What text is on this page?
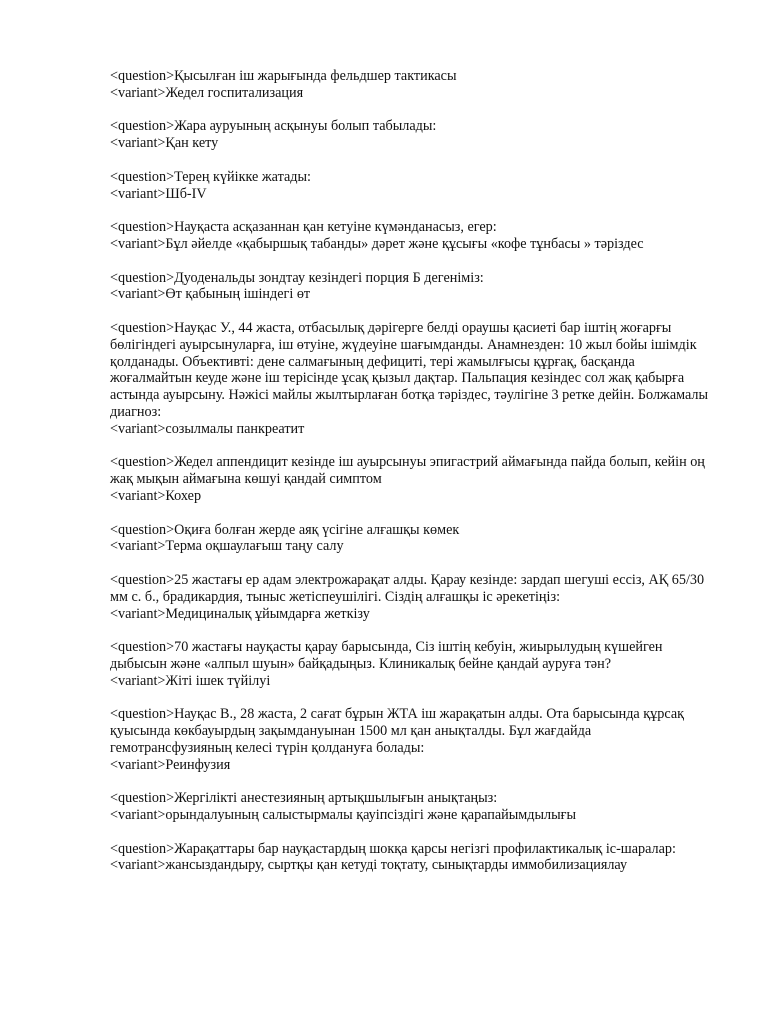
<question>Қысылған іш жарығында фельдшер тактикасы
<variant>Жедел госпитализация
<question>Жара ауруының асқынуы болып табылады:
<variant>Қан кету
<question>Терең күйікке жатады:
<variant>Шб-IV
<question>Науқаста асқазаннан қан кетуіне күмәнданасыз, егер:
<variant>Бұл әйелде «қабыршық табанды» дәрет және құсығы «кофе тұнбасы » тәріздес
<question>Дуоденальды зондтау кезіндегі порция Б дегеніміз:
<variant>Өт қабының ішіндегі өт
<question>Науқас У., 44 жаста, отбасылық дәрігерге белді ораушы қасиеті бар іштің жоғарғы бөлігіндегі ауырсынуларға, іш өтуіне, жүдеуіне шағымданды. Анамнезден: 10 жыл бойы ішімдік қолданады. Объективті: дене салмағының дефициті, тері жамылғысы құрғақ, басқанда жоғалмайтын кеуде және іш терісінде ұсақ қызыл дақтар. Пальпация кезіндес сол жақ қабырға астында ауырсыну. Нәжісі майлы жылтырлаған ботқа тәріздес, тәулігіне 3 ретке дейін. Болжамалы диагноз:
<variant>созылмалы панкреатит
<question>Жедел аппендицит кезінде іш ауырсынуы эпигастрий аймағында пайда болып, кейін оң жақ мықын аймағына көшуі қандай симптом
<variant>Кохер
<question>Оқиға болған жерде аяқ үсігіне алғашқы көмек
<variant>Терма оқшаулағыш таңу салу
<question>25 жастағы ер адам электрожарақат алды. Қарау кезінде: зардап шегуші ессіз, АҚ 65/30 мм с. б., брадикардия, тыныс жетіспеушілігі. Сіздің алғашқы іс әрекетіңіз:
<variant>Медициналық ұйымдарға жеткізу
<question>70 жастағы науқасты қарау барысында, Сіз іштің кебуін, жиырылудың күшейген дыбысын және «алпыл шуын» байқадыңыз. Клиникалық бейне қандай ауруға тән?
<variant>Жіті ішек түйілуі
<question>Науқас В., 28 жаста, 2 сағат бұрын ЖТА іш жарақатын алды. Ота барысында құрсақ қуысында көкбауырдың зақымдануынан 1500 мл қан анықталды. Бұл жағдайда гемотрансфузияның келесі түрін қолдануға болады:
<variant>Реинфузия
<question>Жергілікті анестезияның артықшылығын анықтаңыз:
<variant>орындалуының салыстырмалы қауіпсіздігі және қарапайымдылығы
<question>Жарақаттары бар науқастардың шокқа қарсы негізгі профилактикалық іс-шаралар:
<variant>жансыздандыру, сыртқы қан кетуді тоқтату, сынықтарды иммобилизациялау
